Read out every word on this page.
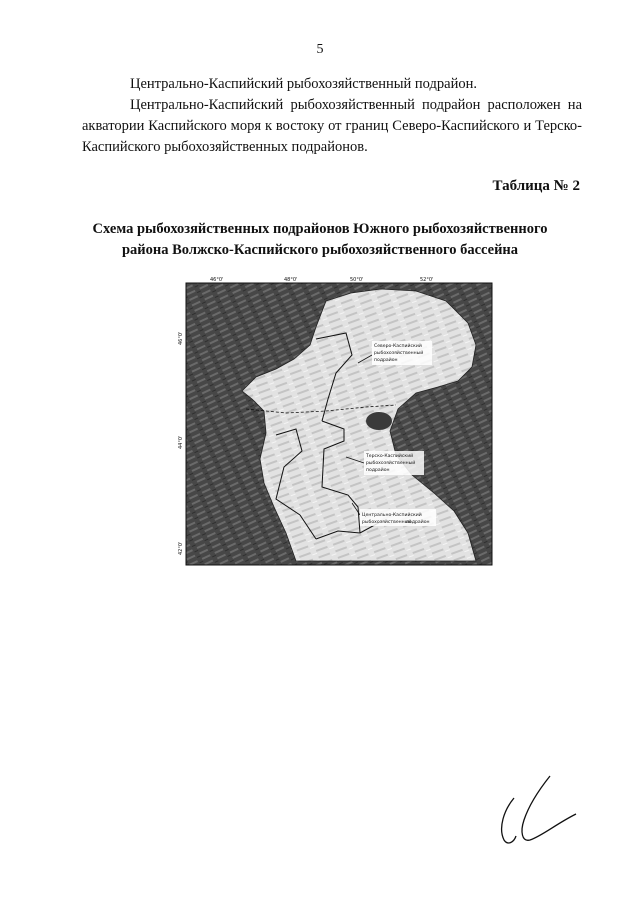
5

Центрально-Каспийский рыбохозяйственный подрайон.

Центрально-Каспийский рыбохозяйственный подрайон расположен на акватории Каспийского моря к востоку от границ Северо-Каспийского и Терско-Каспийского рыбохозяйственных подрайонов.

Таблица № 2
Схема рыбохозяйственных подрайонов Южного рыбохозяйственного
района Волжско-Каспийского рыбохозяйственного бассейна
46°0'	48°0'	50°0'	52°0'
46°0'
44°0'
42°0'
Северо-Каспийский
рыбохозяйственный
подрайон
Терско-Каспийский
рыбохозяйственный
подрайон
Центрально-Каспийский
рыбохозяйственный
подрайон
